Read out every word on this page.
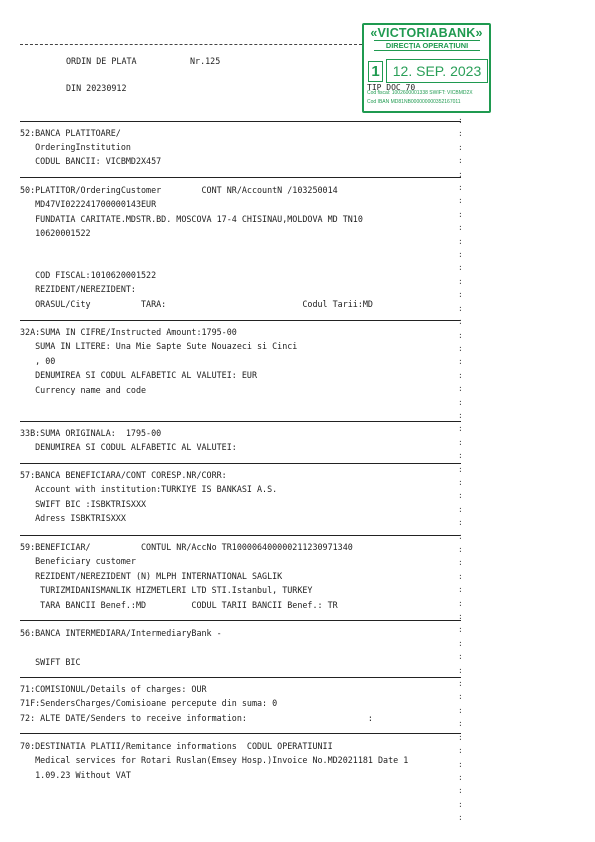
ORDIN DE PLATA	Nr.125
DIN 20230912
«VICTORIABANK»
DIRECȚIA OPERAȚIUNI
1 12. SEP. 2023
Cod fiscal: 1002600001338 SWIFT: VICBMD2X
Cod IBAN MD81NB000000000352167011
TIP DOC 70
52:BANCA PLATITOARE/
OrderingInstitution
CODUL BANCII: VICBMD2X457
50:PLATITOR/OrderingCustomer        CONT NR/AccountN /103250014
MD47VI022241700000143EUR
FUNDATIA CARITATE.MDSTR.BD. MOSCOVA 17-4 CHISINAU,MOLDOVA MD TN10
10620001522
COD FISCAL:1010620001522
REZIDENT/NEREZIDENT:
ORASUL/City          TARA:                           Codul Tarii:MD
32A:SUMA IN CIFRE/Instructed Amount:1795-00
SUMA IN LITERE: Una Mie Sapte Sute Nouazeci si Cinci
, 00
DENUMIREA SI CODUL ALFABETIC AL VALUTEI: EUR
Currency name and code
33B:SUMA ORIGINALA:  1795-00
DENUMIREA SI CODUL ALFABETIC AL VALUTEI:
57:BANCA BENEFICIARA/CONT CORESP.NR/CORR:
Account with institution:TURKIYE IS BANKASI A.S.
SWIFT BIC :ISBKTRISXXX
Adress ISBKTRISXXX
59:BENEFICIAR/          CONTUL NR/AccNo TR100006400000211230971340
Beneficiary customer
REZIDENT/NEREZIDENT (N) MLPH INTERNATIONAL SAGLIK
TURIZMIDANISMANLIK HIZMETLERI LTD STI.Istanbul, TURKEY
TARA BANCII Benef.:MD         CODUL TARII BANCII Benef.: TR
56:BANCA INTERMEDIARA/IntermediaryBank -

SWIFT BIC
71:COMISIONUL/Details of charges: OUR
71F:SendersCharges/Comisioane percepute din suma: 0
72: ALTE DATE/Senders to receive information:                        :
70:DESTINATIA PLATII/Remitance informations  CODUL OPERATIUNII
Medical services for Rotari Ruslan(Emsey Hosp.)Invoice No.MD2021181 Date 1
1.09.23 Without VAT
:
:
:
:
:
:
:
:
:
:
:
:
:
:
:
:
:
:
:
:
:
:
:
:
:
:
:
:
:
:
:
:
:
:
:
:
:
:
:
:
:
:
:
:
:
:
:
:
:
:
:
:
:
